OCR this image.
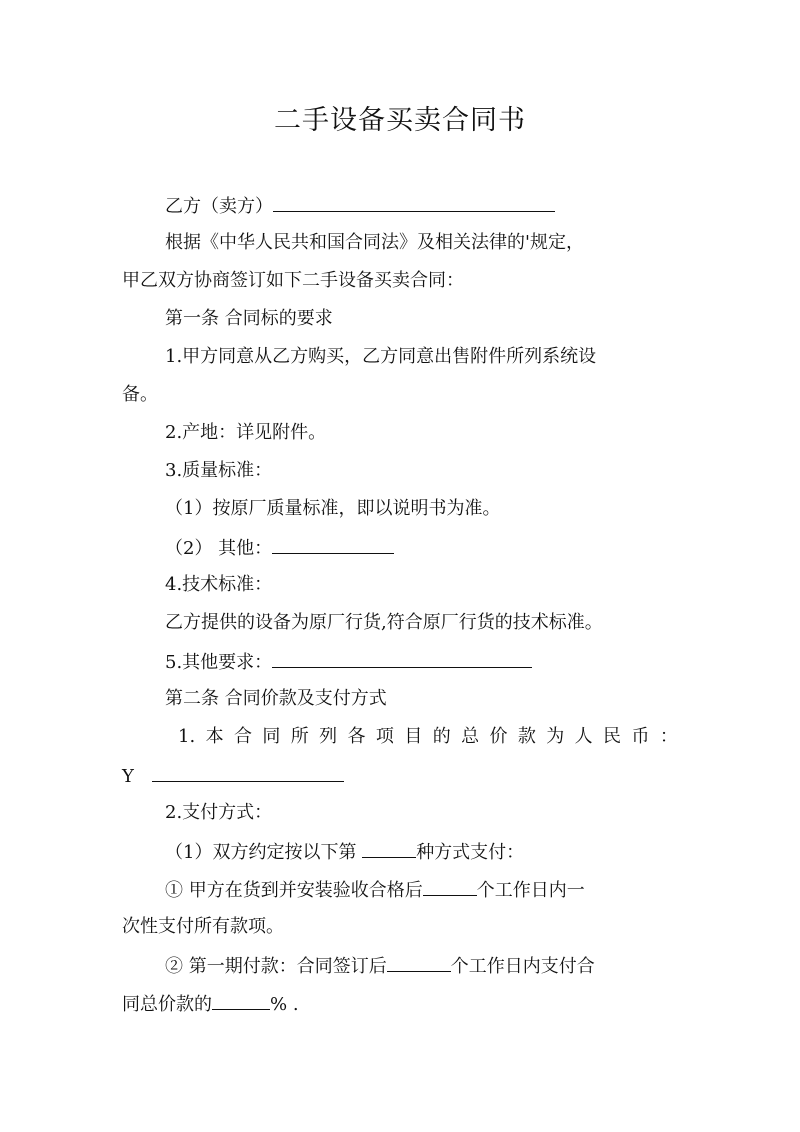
二手设备买卖合同书
乙方（卖方）
根据《中华人民共和国合同法》及相关法律的'规定，
甲乙双方协商签订如下二手设备买卖合同：
第一条 合同标的要求
1.甲方同意从乙方购买，乙方同意出售附件所列系统设
备。
2.产地：详见附件。
3.质量标准：
（1）按原厂质量标准，即以说明书为准。
（2） 其他：
4.技术标准：
乙方提供的设备为原厂行货,符合原厂行货的技术标准。
5.其他要求：
第二条 合同价款及支付方式
1. 本 合 同 所 列 各 项 目 的 总 价 款 为 人 民 币 ：
Y
2.支付方式：
（1）双方约定按以下第	种方式支付：
① 甲方在货到并安装验收合格后	个工作日内一
次性支付所有款项。
② 第一期付款：合同签订后	个工作日内支付合
同总价款的	% .
